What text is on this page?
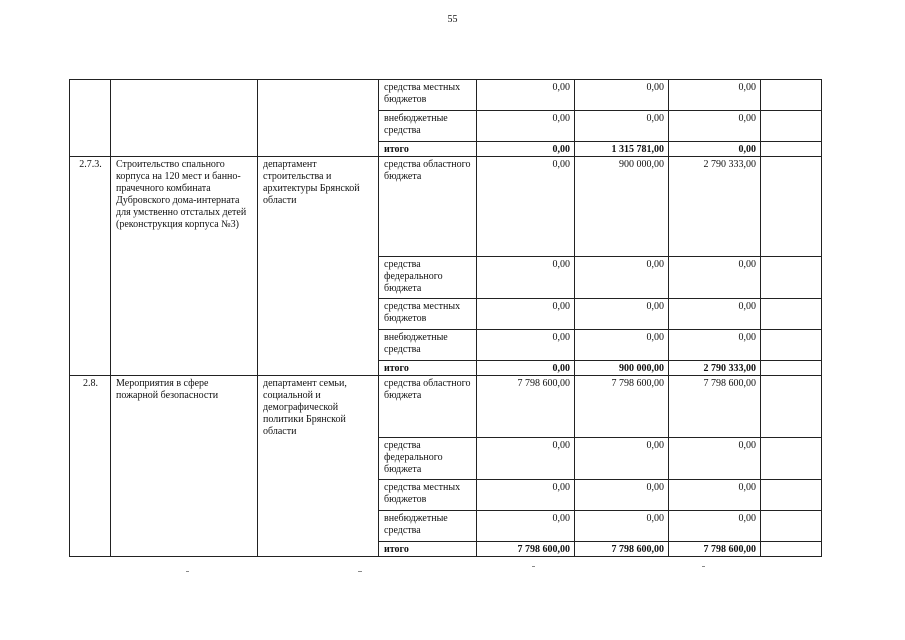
55
			средства местных бюджетов	0,00	0,00	0,00	
			внебюджетные средства	0,00	0,00	0,00	
			итого	0,00	1 315 781,00	0,00	
2.7.3.	Строительство спального корпуса на 120 мест и банно-прачечного комбината Дубровского дома-интерната для умственно отсталых детей (реконструкция корпуса №3)	департамент строительства и архитектуры Брянской области	средства областного бюджета	0,00	900 000,00	2 790 333,00	
			средства федерального бюджета	0,00	0,00	0,00	
			средства местных бюджетов	0,00	0,00	0,00	
			внебюджетные средства	0,00	0,00	0,00	
			итого	0,00	900 000,00	2 790 333,00	
2.8.	Мероприятия в сфере пожарной безопасности	департамент семьи, социальной и демографической политики Брянской области	средства областного бюджета	7 798 600,00	7 798 600,00	7 798 600,00	
			средства федерального бюджета	0,00	0,00	0,00	
			средства местных бюджетов	0,00	0,00	0,00	
			внебюджетные средства	0,00	0,00	0,00	
			итого	7 798 600,00	7 798 600,00	7 798 600,00	
